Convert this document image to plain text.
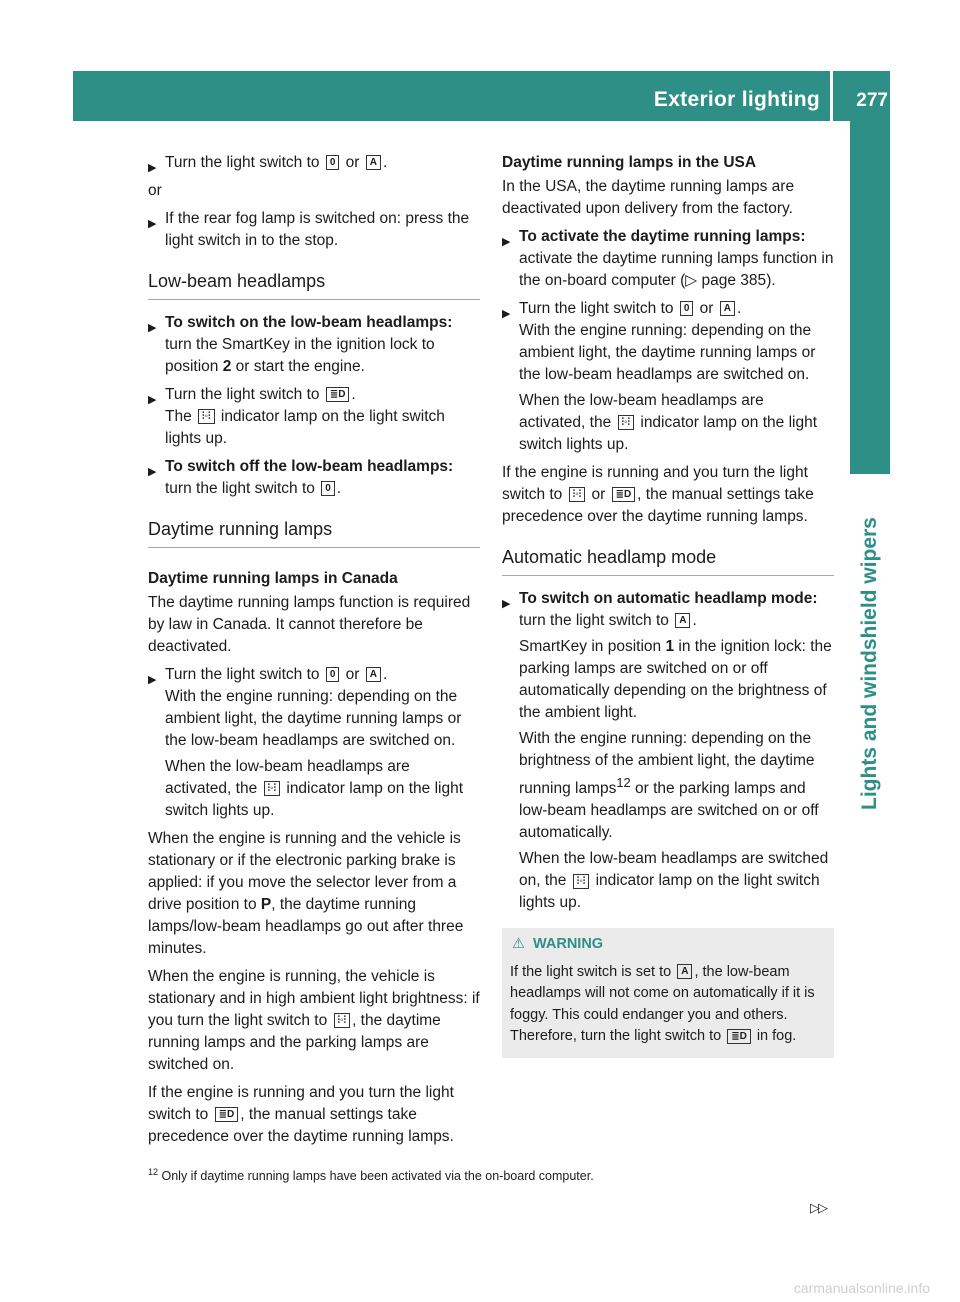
Exterior lighting 277
Lights and windshield wipers
▶ Turn the light switch to 0 or A .

or

▶ If the rear fog lamp is switched on: press the light switch in to the stop.
Low-beam headlamps
▶ To switch on the low-beam headlamps: turn the SmartKey in the ignition lock to position 2 or start the engine.
▶ Turn the light switch to ≣D .
The ⫶◦⫶ indicator lamp on the light switch lights up.
▶ To switch off the low-beam headlamps: turn the light switch to 0 .
Daytime running lamps
Daytime running lamps in Canada

The daytime running lamps function is required by law in Canada. It cannot therefore be deactivated.

▶ Turn the light switch to 0 or A .
With the engine running: depending on the ambient light, the daytime running lamps or the low-beam headlamps are switched on.
When the low-beam headlamps are activated, the ⫶◦⫶ indicator lamp on the light switch lights up.

When the engine is running and the vehicle is stationary or if the electronic parking brake is applied: if you move the selector lever from a drive position to P, the daytime running lamps/low-beam headlamps go out after three minutes.

When the engine is running, the vehicle is stationary and in high ambient light brightness: if you turn the light switch to ⫶◦⫶ , the daytime running lamps and the parking lamps are switched on.

If the engine is running and you turn the light switch to ≣D , the manual settings take precedence over the daytime running lamps.

Daytime running lamps in the USA

In the USA, the daytime running lamps are deactivated upon delivery from the factory.

▶ To activate the daytime running lamps: activate the daytime running lamps function in the on-board computer (▷ page 385).
▶ Turn the light switch to 0 or A .
With the engine running: depending on the ambient light, the daytime running lamps or the low-beam headlamps are switched on.
When the low-beam headlamps are activated, the ⫶◦⫶ indicator lamp on the light switch lights up.

If the engine is running and you turn the light switch to ⫶◦⫶ or ≣D , the manual settings take precedence over the daytime running lamps.

Automatic headlamp mode
▶ To switch on automatic headlamp mode: turn the light switch to A .
SmartKey in position 1 in the ignition lock: the parking lamps are switched on or off automatically depending on the brightness of the ambient light.
With the engine running: depending on the brightness of the ambient light, the daytime running lamps$^{12}$ or the parking lamps and low-beam headlamps are switched on or off automatically.
When the low-beam headlamps are switched on, the ⫶◦⫶ indicator lamp on the light switch lights up.
⚠ WARNING
If the light switch is set to A , the low-beam headlamps will not come on automatically if it is foggy. This could endanger you and others. Therefore, turn the light switch to ≣D in fog.
$^{12}$ Only if daytime running lamps have been activated via the on-board computer.
▷▷
carmanualsonline.info
